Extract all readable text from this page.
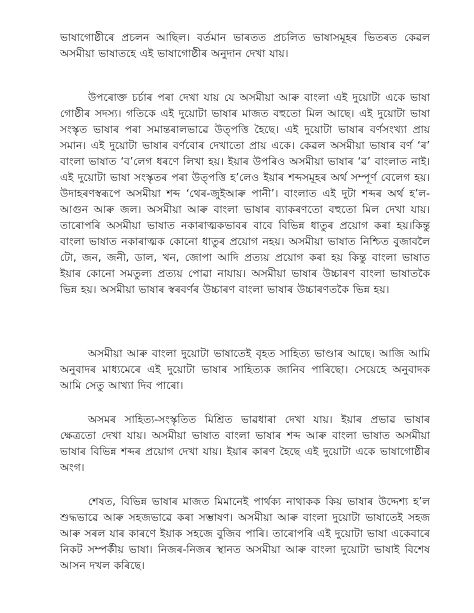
ভাষাগোষ্ঠীৰে প্ৰচলন আছিল। বৰ্তমান ভাৰতত প্ৰচলিত ভাষাসমূহৰ ভিতৰত কেৱল অসমীয়া ভাষাতহে এই ভাষাগোষ্ঠীৰ অনুদান দেখা যায়।

উপৰোক্ত চৰ্চাৰ পৰা দেখা যায় যে অসমীয়া আৰু বাংলা এই দুয়োটা একে ভাষা গোষ্ঠীৰ সদস্য। গতিকে এই দুয়োটা ভাষাৰ মাজত বহুতো মিল আছে। এই দুয়োটা ভাষা সংস্কৃত ভাষাৰ পৰা সমান্তৰালভাৱে উত্পত্তি হৈছে। এই দুয়োটা ভাষাৰ বৰ্ণসংখ্যা প্ৰায় সমান। এই দুয়োটা ভাষাৰ বৰ্ণবোৰ দেখাতো প্ৰায় একে। কেৱল অসমীয়া ভাষাৰ বৰ্ণ ‘ৰ’ বাংলা ভাষাত ‘ব’লেগ ধৰণে লিখা হয়। ইয়াৰ উপৰিও অসমীয়া ভাষাৰ ‘ৱ’ বাংলাত নাই। এই দুয়োটা ভাষা সংস্কৃতৰ পৰা উত্পত্তি হ’লেও ইয়াৰ শব্দসমূহৰ অৰ্থ সম্পূৰ্ণ বেলেগ হয়। উদাহৰণস্বৰূপে অসমীয়া শব্দ ‘থেৰ-জুইআৰু পানী’। বাংলাত এই দুটা শব্দৰ অৰ্থ হ’ল-আগুন আৰু জল। অসমীয়া আৰু বাংলা ভাষাৰ ব্যাকৰণতো বহুতো মিল দেখা যায়। তাৰোপৰি অসমীয়া ভাষাত নকাৰাত্মকভাবৰ বাবে বিভিন্ন ধাতুৰ প্ৰয়োগ কৰা হয়।কিন্তু বাংলা ভাষাত নকাৰাত্মক কোনো ধাতুৰ প্ৰয়োগ নহয়। অসমীয়া ভাষাত নিশ্চিত বুজাবলৈ টো, জন, জনী, ডাল, খন, জোপা আদি প্ৰত্যয় প্ৰয়োগ কৰা হয় কিন্তু বাংলা ভাষাত ইয়াৰ কোনো সমতুল্য প্ৰত্যয় পোৱা নাযায়। অসমীয়া ভাষাৰ উচ্চাৰণ বাংলা ভাষাতকৈ ভিন্ন হয়। অসমীয়া ভাষাৰ স্বৰবৰ্ণৰ উচ্চাৰণ বাংলা ভাষাৰ উচ্চাৰণতকৈ ভিন্ন হয়।

অসমীয়া আৰু বাংলা দুয়োটা ভাষাতেই বৃহত সাহিত্য ভাণ্ডাৰ আছে। আজি আমি অনুবাদৰ মাধ্যমেৰে এই দুয়োটা ভাষাৰ সাহিত্যক জানিব পাৰিছো। সেয়েহে অনুবাদক আমি সেতু আখ্যা দিব পাৰো।

অসমৰ সাহিত্য-সংস্কৃতিত মিশ্ৰিত ভাৱধাৰা দেখা যায়। ইয়াৰ প্ৰভাৱ ভাষাৰ ক্ষেত্ৰতো দেখা যায়। অসমীয়া ভাষাত বাংলা ভাষাৰ শব্দ আৰু বাংলা ভাষাত অসমীয়া ভাষাৰ বিভিন্ন শব্দৰ প্ৰয়োগ দেখা যায়। ইয়াৰ কাৰণ হৈছে এই দুয়োটা একে ভাষাগোষ্ঠীৰ অংগ।

শেষত, বিভিন্ন ভাষাৰ মাজত মিমানেই পাৰ্থক্য নাথাকক কিয় ভাষাৰ উদ্দেশ্য হ’ল শুদ্ধভাৱে আৰু সহজভাৱে কৰা সম্ভাষণ। অসমীয়া আৰু বাংলা দুয়োটা ভাষাতেই সহজ আৰু সৰল যাৰ কাৰণে ইয়াক সহজে বুজিব পাৰি। তাৰোপৰি এই দুয়োটা ভাষা একেবাৰে নিকট সম্পৰ্কীয় ভাষা। নিজৰ-নিজৰ স্থানত অসমীয়া আৰু বাংলা দুয়োটা ভাষাই বিশেষ আসন দখল কৰিছে।
